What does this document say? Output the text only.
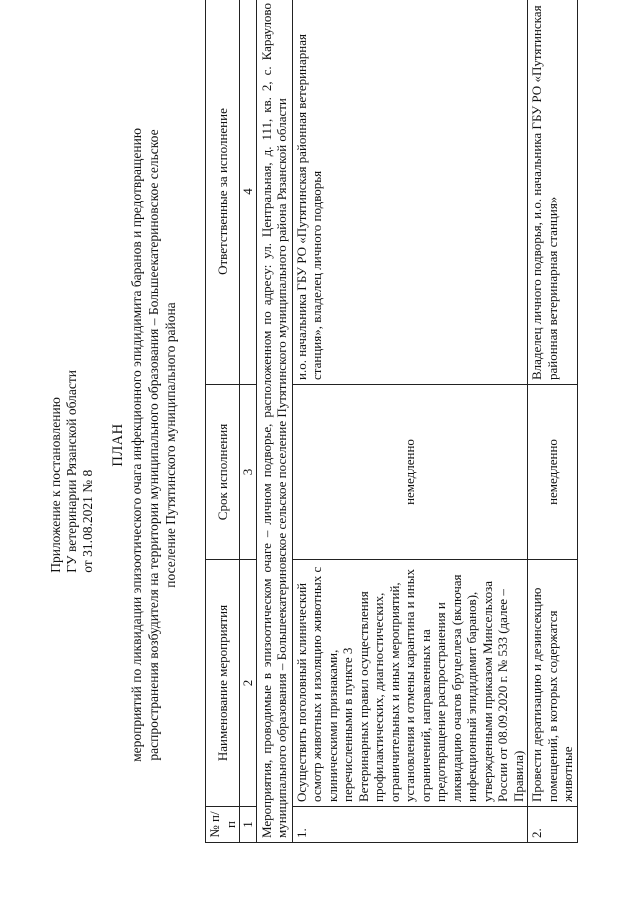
Приложение к постановлению ГУ ветеринарии Рязанской области от 31.08.2021 № 8
ПЛАН мероприятий по ликвидации эпизоотического очага инфекционного эпидидимита баранов и предотвращению распространения возбудителя на территории муниципального образования – Большеекатериновское сельское поселение Путятинского муниципального района
№ п/п	Наименование мероприятия	Срок исполнения	Ответственные за исполнение
1	2	3	4
Мероприятия, проводимые в эпизоотическом очаге – личном подворье, расположенном по адресу: ул. Центральная, д. 111, кв. 2, с. Караулово муниципального образования – Большеекатериновское сельское поселение Путятинского муниципального района Рязанской области			
1.	Осуществить поголовный клинический осмотр животных и изоляцию животных с клиническими признаками, перечисленными в пункте 3 Ветеринарных правил осуществления профилактических, диагностических, ограничительных и иных мероприятий, установления и отмены карантина и иных ограничений, направленных на предотвращение распространения и ликвидацию очагов бруцеллеза (включая инфекционный эпидидимит баранов), утвержденными приказом Минсельхоза России от 08.09.2020 г. № 533 (далее – Правила)	немедленно	и.о. начальника ГБУ РО «Путятинская районная ветеринарная станция», владелец личного подворья
2.	Провести дератизацию и дезинсекцию помещений, в которых содержатся животные	немедленно	Владелец личного подворья, и.о. начальника ГБУ РО «Путятинская районная ветеринарная станция»
